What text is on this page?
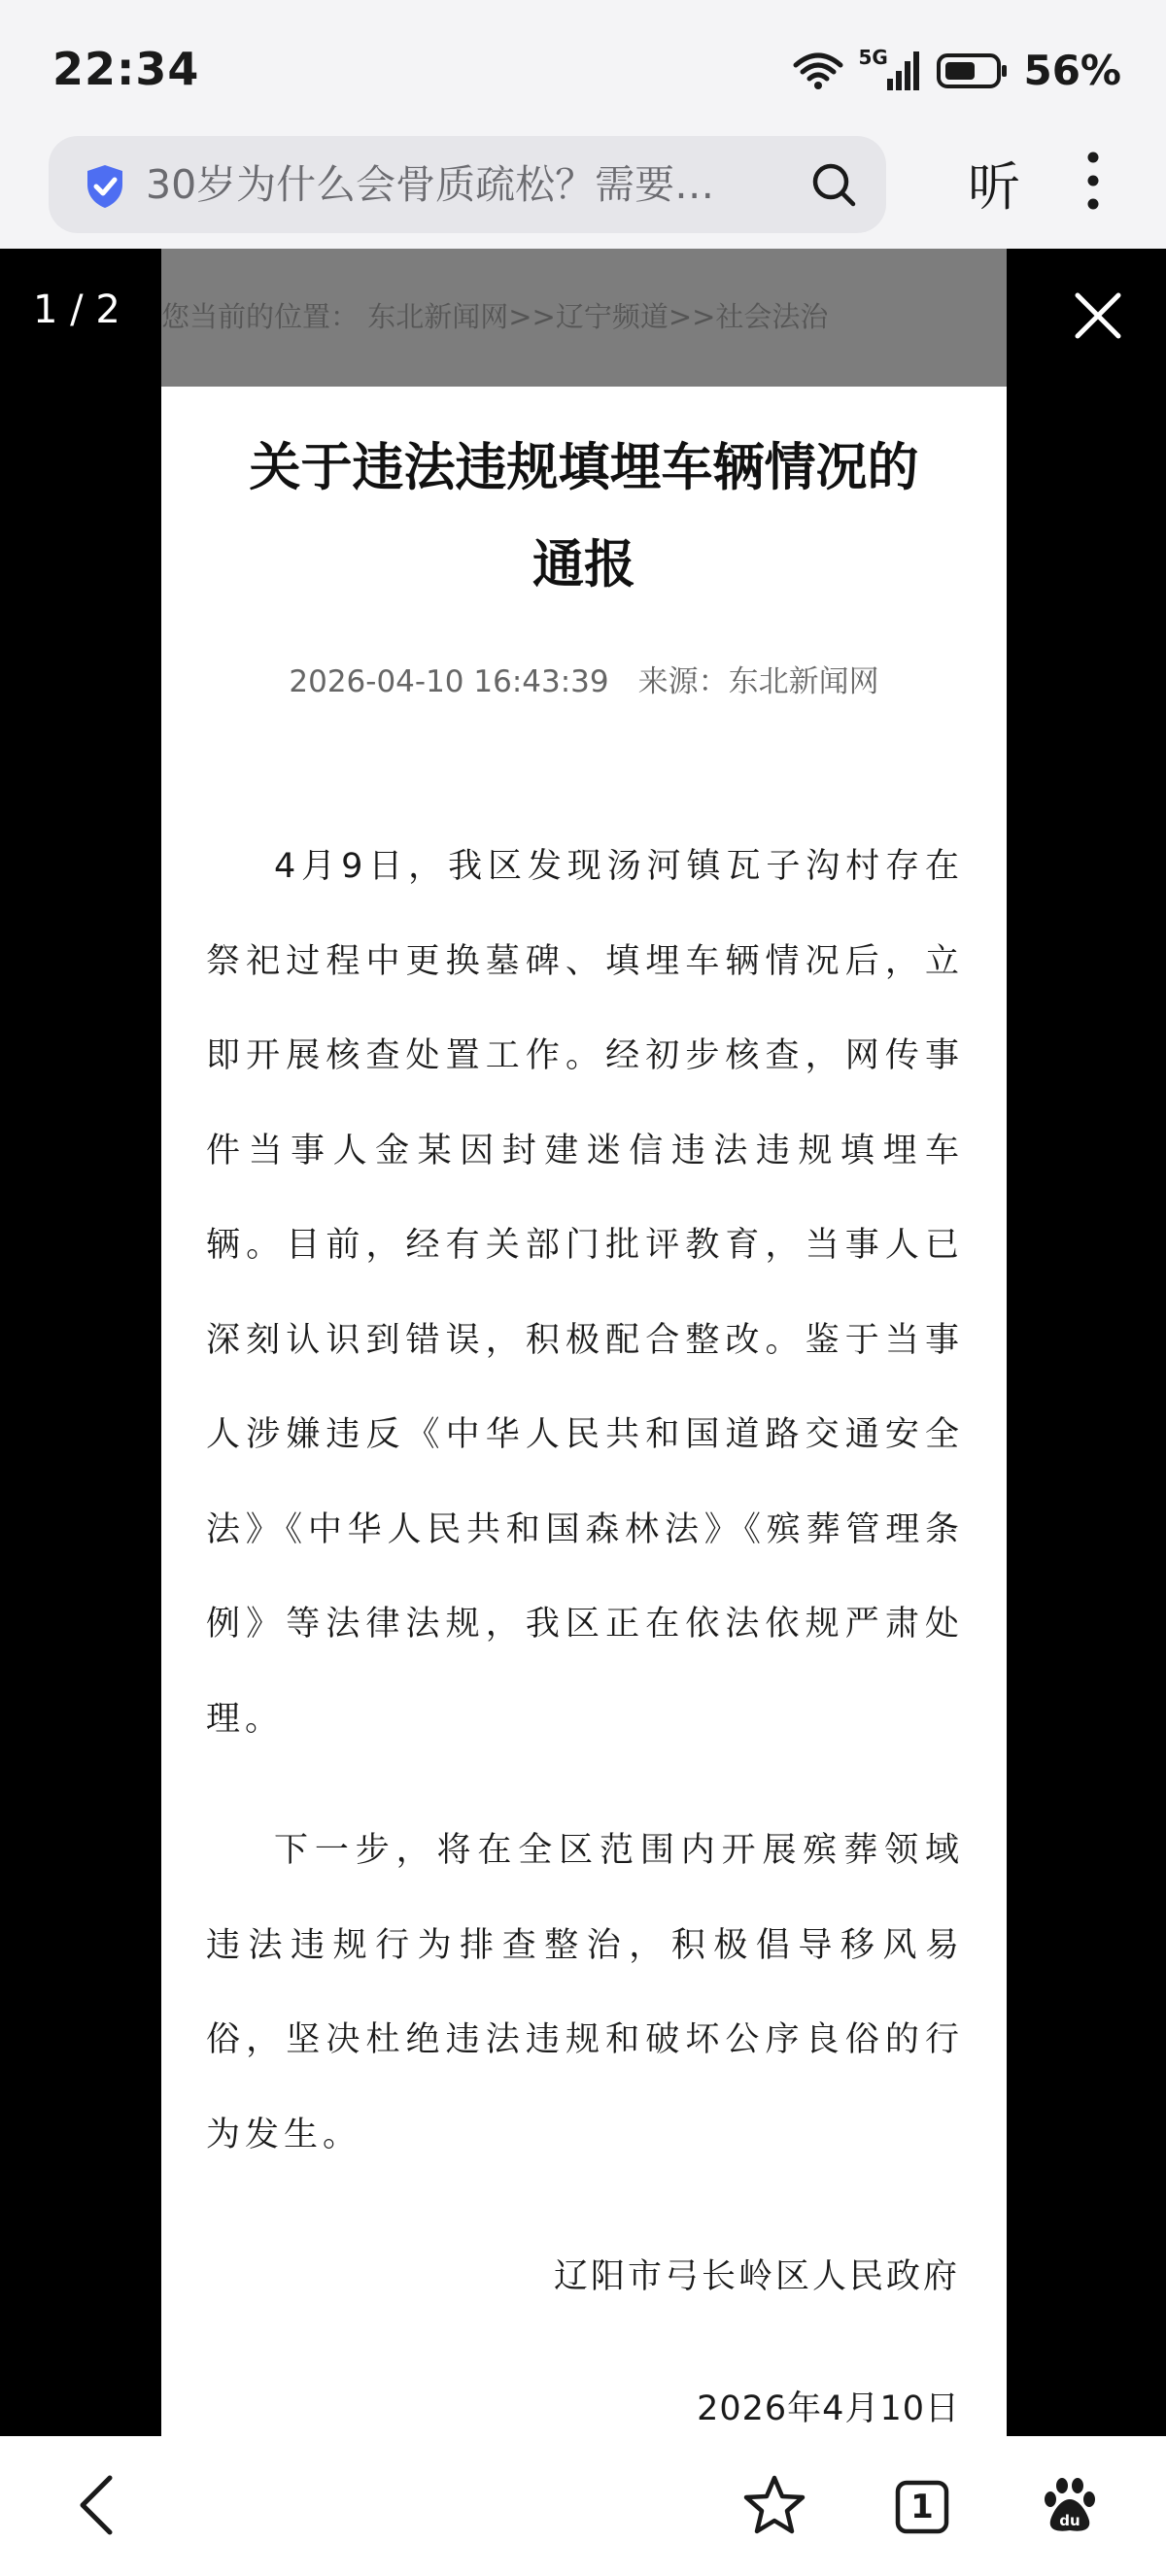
22:34	5G	56%
30岁为什么会骨质疏松？需要…	听
您当前的位置： 东北新闻网>>辽宁频道>>社会法治
关于违法违规填埋车辆情况的
通报
2026-04-10 16:43:39 来源：东北新闻网

4月9日，我区发现汤河镇瓦子沟村存在祭祀过程中更换墓碑、填埋车辆情况后，立即开展核查处置工作。经初步核查，网传事件当事人金某因封建迷信违法违规填埋车辆。目前，经有关部门批评教育，当事人已深刻认识到错误，积极配合整改。鉴于当事人涉嫌违反《中华人民共和国道路交通安全法》《中华人民共和国森林法》《殡葬管理条例》等法律法规，我区正在依法依规严肃处理。

下一步，将在全区范围内开展殡葬领域违法违规行为排查整治，积极倡导移风易俗，坚决杜绝违法违规和破坏公序良俗的行为发生。

辽阳市弓长岭区人民政府
2026年4月10日
1 / 2
1	du
